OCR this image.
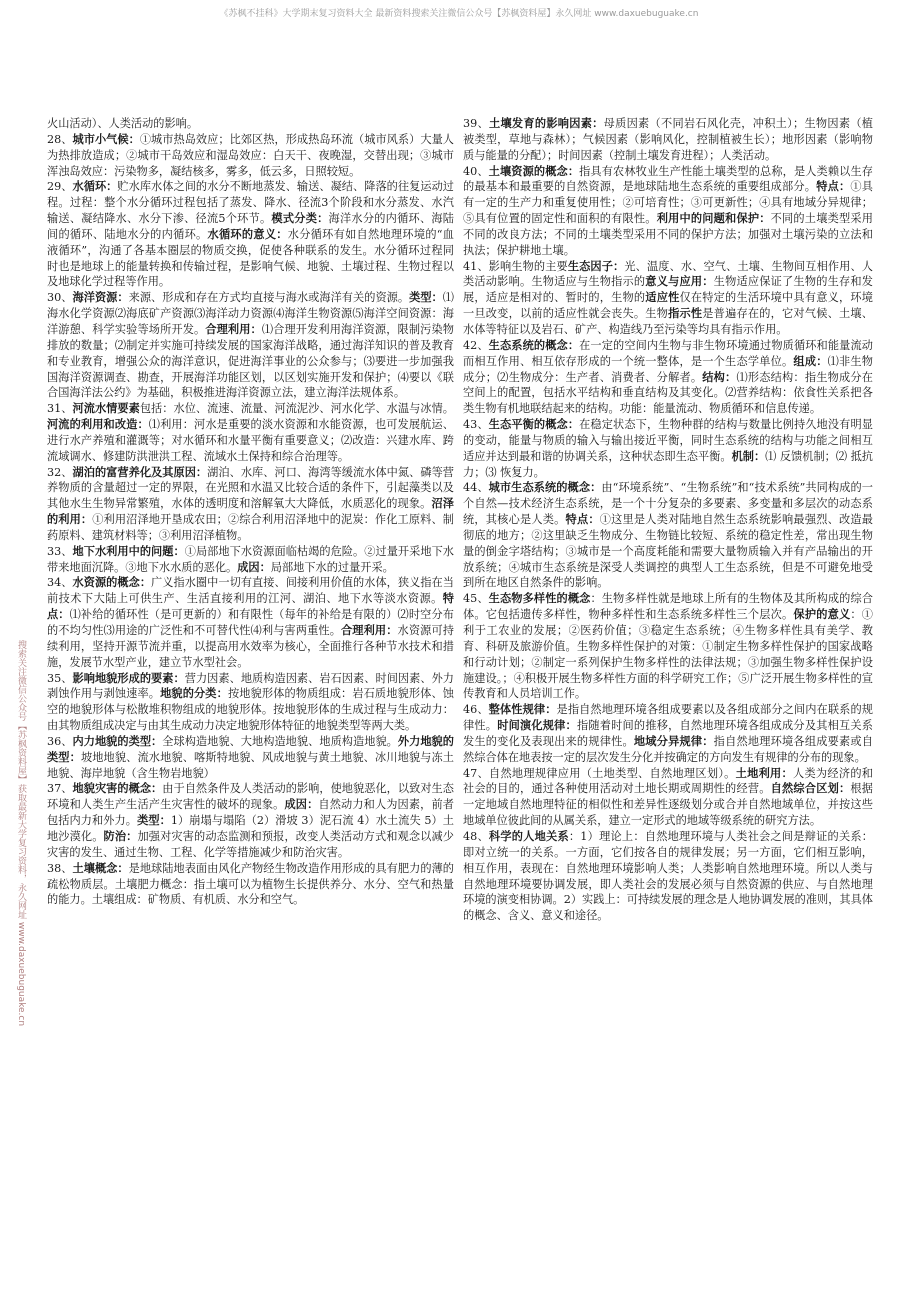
《苏枫不挂科》大学期末复习资料大全 最新资料搜索关注微信公众号【苏枫资料屋】永久网址 www.daxuebuguake.cn
搜索关注微信公众号【苏枫资料屋】获取最新大学复习资料，永久网址 www.daxuebuguake.cn

火山活动）、人类活动的影响。

28、城市小气候：①城市热岛效应；比郊区热，形成热岛环流（城市风系）大量人为热排放造成；②城市干岛效应和湿岛效应：白天干、夜晚湿，交替出现；③城市浑浊岛效应：污染物多，凝结核多，雾多，低云多，日照较短。

29、水循环：贮水库水体之间的水分不断地蒸发、输送、凝结、降落的往复运动过程。过程：整个水分循环过程包括了蒸发、降水、径流3个阶段和水分蒸发、水汽输送、凝结降水、水分下渗、径流5个环节。模式分类：海洋水分的内循环、海陆间的循环、陆地水分的内循环。水循环的意义：水分循环有如自然地理环境的“血液循环”，沟通了各基本圈层的物质交换，促使各种联系的发生。水分循环过程同时也是地球上的能量转换和传输过程，是影响气候、地貌、土壤过程、生物过程以及地球化学过程等作用。

30、海洋资源：来源、形成和存在方式均直接与海水或海洋有关的资源。类型：⑴海水化学资源⑵海底矿产资源⑶海洋动力资源⑷海洋生物资源⑸海洋空间资源：海洋游憩、科学实验等场所开发。合理利用：⑴合理开发利用海洋资源，限制污染物排放的数量；⑵制定并实施可持续发展的国家海洋战略，通过海洋知识的普及教育和专业教育，增强公众的海洋意识，促进海洋事业的公众参与；⑶要进一步加强我国海洋资源调查、勘查，开展海洋功能区划，以区划实施开发和保护；⑷要以《联合国海洋法公约》为基础，积极推进海洋资源立法，建立海洋法规体系。

31、河流水情要素包括：水位、流速、流量、河流泥沙、河水化学、水温与冰情。河流的利用和改造：⑴利用：河水是重要的淡水资源和水能资源，也可发展航运、进行水产养殖和灌溉等；对水循环和水量平衡有重要意义；⑵改造：兴建水库、跨流域调水、修建防洪泄洪工程、流域水土保持和综合治理等。

32、湖泊的富营养化及其原因：湖泊、水库、河口、海湾等缓流水体中氮、磷等营养物质的含量超过一定的界限，在光照和水温又比较合适的条件下，引起藻类以及其他水生生物异常繁殖，水体的透明度和溶解氧大大降低，水质恶化的现象。沼泽的利用：①利用沼泽地开垦成农田；②综合利用沼泽地中的泥炭：作化工原料、制药原料、建筑材料等；③利用沼泽植物。

33、地下水利用中的问题：①局部地下水资源面临枯竭的危险。②过量开采地下水带来地面沉降。③地下水水质的恶化。成因：局部地下水的过量开采。

34、水资源的概念：广义指水圈中一切有直接、间接利用价值的水体，狭义指在当前技术下大陆上可供生产、生活直接利用的江河、湖泊、地下水等淡水资源。特点：⑴补给的循环性（是可更新的）和有限性（每年的补给是有限的）⑵时空分布的不均匀性⑶用途的广泛性和不可替代性⑷利与害两重性。合理利用：水资源可持续利用，坚持开源节流并重，以提高用水效率为核心，全面推行各种节水技术和措施，发展节水型产业，建立节水型社会。

35、影响地貌形成的要素：营力因素、地质构造因素、岩石因素、时间因素、外力剥蚀作用与剥蚀速率。地貌的分类：按地貌形体的物质组成：岩石质地貌形体、蚀空的地貌形体与松散堆积物组成的地貌形体。按地貌形体的生成过程与生成动力：由其物质组成决定与由其生成动力决定地貌形体特征的地貌类型等两大类。

36、内力地貌的类型：全球构造地貌、大地构造地貌、地质构造地貌。外力地貌的类型：坡地地貌、流水地貌、喀斯特地貌、风成地貌与黄土地貌、冰川地貌与冻土地貌、海岸地貌（含生物岩地貌）

37、地貌灾害的概念：由于自然条件及人类活动的影响，使地貌恶化，以致对生态环境和人类生产生活产生灾害性的破坏的现象。成因：自然动力和人为因素，前者包括内力和外力。类型：1）崩塌与塌陷（2）滑坡 3）泥石流 4）水土流失 5）土地沙漠化。防治：加强对灾害的动态监测和预报，改变人类活动方式和观念以减少灾害的发生、通过生物、工程、化学等措施减少和防治灾害。

38、土壤概念：是地球陆地表面由风化产物经生物改造作用形成的具有肥力的薄的疏松物质层。土壤肥力概念：指土壤可以为植物生长提供养分、水分、空气和热量的能力。土壤组成：矿物质、有机质、水分和空气。

39、土壤发育的影响因素：母质因素（不同岩石风化壳，冲积土）；生物因素（植被类型，草地与森林）；气候因素（影响风化，控制植被生长）；地形因素（影响物质与能量的分配）；时间因素（控制土壤发育进程）；人类活动。

40、土壤资源的概念：指具有农林牧业生产性能土壤类型的总称，是人类赖以生存的最基本和最重要的自然资源，是地球陆地生态系统的重要组成部分。特点：①具有一定的生产力和重复使用性；②可培育性；③可更新性；④具有地域分异规律；⑤具有位置的固定性和面积的有限性。利用中的问题和保护：不同的土壤类型采用不同的改良方法；不同的土壤类型采用不同的保护方法；加强对土壤污染的立法和执法；保护耕地土壤。

41、影响生物的主要生态因子：光、温度、水、空气、土壤、生物间互相作用、人类活动影响。生物适应与生物指示的意义与应用：生物适应保证了生物的生存和发展，适应是相对的、暂时的，生物的适应性仅在特定的生活环境中具有意义，环境一旦改变，以前的适应性就会丧失。生物指示性是普遍存在的，它对气候、土壤、水体等特征以及岩石、矿产、构造线乃至污染等均具有指示作用。

42、生态系统的概念：在一定的空间内生物与非生物环境通过物质循环和能量流动而相互作用、相互依存形成的一个统一整体，是一个生态学单位。组成：⑴非生物成分；⑵生物成分：生产者、消费者、分解者。结构：⑴形态结构：指生物成分在空间上的配置，包括水平结构和垂直结构及其变化。⑵营养结构：依食性关系把各类生物有机地联结起来的结构。功能：能量流动、物质循环和信息传递。

43、生态平衡的概念：在稳定状态下，生物种群的结构与数量比例持久地没有明显的变动，能量与物质的输入与输出接近平衡，同时生态系统的结构与功能之间相互适应并达到最和谐的协调关系，这种状态即生态平衡。机制：⑴ 反馈机制；⑵ 抵抗力；⑶ 恢复力。

44、城市生态系统的概念：由“环境系统”、“生物系统”和“技术系统”共同构成的一个自然—技术经济生态系统，是一个十分复杂的多要素、多变量和多层次的动态系统，其核心是人类。特点：①这里是人类对陆地自然生态系统影响最强烈、改造最彻底的地方；②这里缺乏生物成分、生物链比较短、系统的稳定性差，常出现生物量的倒金字塔结构；③城市是一个高度耗能和需要大量物质输入并有产品输出的开放系统；④城市生态系统是深受人类调控的典型人工生态系统，但是不可避免地受到所在地区自然条件的影响。

45、生态物多样性的概念：生物多样性就是地球上所有的生物体及其所构成的综合体。它包括遗传多样性，物种多样性和生态系统多样性三个层次。保护的意义：①利于工农业的发展；②医药价值；③稳定生态系统；④生物多样性具有美学、教育、科研及旅游价值。生物多样性保护的对策：①制定生物多样性保护的国家战略和行动计划；②制定一系列保护生物多样性的法律法规；③加强生物多样性保护设施建设。；④积极开展生物多样性方面的科学研究工作；⑤广泛开展生物多样性的宣传教育和人员培训工作。

46、整体性规律：是指自然地理环境各组成要素以及各组成部分之间内在联系的规律性。时间演化规律：指随着时间的推移，自然地理环境各组成成分及其相互关系发生的变化及表现出来的规律性。地域分异规律：指自然地理环境各组成要素或自然综合体在地表按一定的层次发生分化并按确定的方向发生有规律的分布的现象。

47、自然地理规律应用（土地类型、自然地理区划）。土地利用：人类为经济的和社会的目的，通过各种使用活动对土地长期或周期性的经营。自然综合区划：根据一定地域自然地理特征的相似性和差异性逐级划分或合并自然地域单位，并按这些地域单位彼此间的从属关系，建立一定形式的地域等级系统的研究方法。

48、科学的人地关系：1）理论上：自然地理环境与人类社会之间是辩证的关系：即对立统一的关系。一方面，它们按各自的规律发展；另一方面，它们相互影响，相互作用，表现在：自然地理环境影响人类；人类影响自然地理环境。所以人类与自然地理环境要协调发展，即人类社会的发展必须与自然资源的供应、与自然地理环境的演变相协调。2）实践上：可持续发展的理念是人地协调发展的准则，其具体的概念、含义、意义和途径。
